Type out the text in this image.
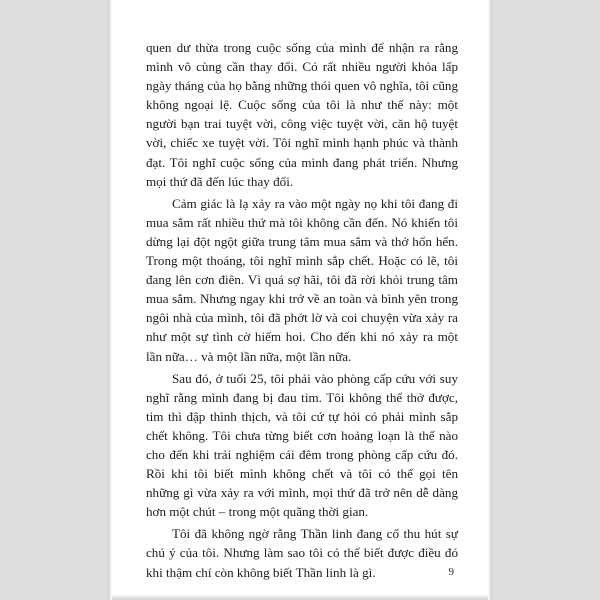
quen dư thừa trong cuộc sống của mình để nhận ra rằng mình vô cùng cần thay đổi. Có rất nhiều người khỏa lấp ngày tháng của họ bằng những thói quen vô nghĩa, tôi cũng không ngoại lệ. Cuộc sống của tôi là như thế này: một người bạn trai tuyệt vời, công việc tuyệt vời, căn hộ tuyệt vời, chiếc xe tuyệt vời. Tôi nghĩ mình hạnh phúc và thành đạt. Tôi nghĩ cuộc sống của mình đang phát triển. Nhưng mọi thứ đã đến lúc thay đổi.

Cảm giác là lạ xảy ra vào một ngày nọ khi tôi đang đi mua sắm rất nhiều thứ mà tôi không cần đến. Nó khiến tôi dừng lại đột ngột giữa trung tâm mua sắm và thở hổn hển. Trong một thoáng, tôi nghĩ mình sắp chết. Hoặc có lẽ, tôi đang lên cơn điên. Vì quá sợ hãi, tôi đã rời khỏi trung tâm mua sắm. Nhưng ngay khi trở về an toàn và bình yên trong ngôi nhà của mình, tôi đã phớt lờ và coi chuyện vừa xảy ra như một sự tình cờ hiếm hoi. Cho đến khi nó xảy ra một lần nữa… và một lần nữa, một lần nữa.

Sau đó, ở tuổi 25, tôi phải vào phòng cấp cứu với suy nghĩ rằng mình đang bị đau tim. Tôi không thể thở được, tim thì đập thình thịch, và tôi cứ tự hỏi có phải mình sắp chết không. Tôi chưa từng biết cơn hoảng loạn là thế nào cho đến khi trải nghiệm cái đêm trong phòng cấp cứu đó. Rồi khi tôi biết mình không chết và tôi có thể gọi tên những gì vừa xảy ra với mình, mọi thứ đã trở nên dễ dàng hơn một chút – trong một quãng thời gian.

Tôi đã không ngờ rằng Thần linh đang cố thu hút sự chú ý của tôi. Nhưng làm sao tôi có thể biết được điều đó khi thậm chí còn không biết Thần linh là gì.	9
